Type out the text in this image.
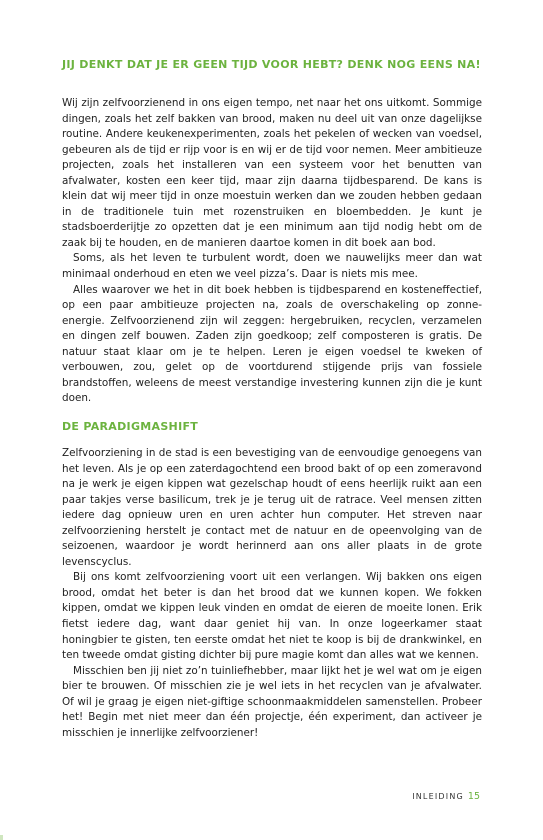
JIJ DENKT DAT JE ER GEEN TIJD VOOR HEBT? DENK NOG EENS NA!

Wij zijn zelfvoorzienend in ons eigen tempo, net naar het ons uitkomt. Sommige dingen, zoals het zelf bakken van brood, maken nu deel uit van onze dagelijkse routine. Andere keukenexperimenten, zoals het pekelen of wecken van voedsel, gebeuren als de tijd er rijp voor is en wij er de tijd voor nemen. Meer ambitieuze projecten, zoals het installeren van een systeem voor het benutten van afvalwater, kosten een keer tijd, maar zijn daarna tijdbesparend. De kans is klein dat wij meer tijd in onze moestuin werken dan we zouden hebben gedaan in de traditionele tuin met rozenstruiken en bloembedden. Je kunt je stadsboerderijtje zo opzetten dat je een minimum aan tijd nodig hebt om de zaak bij te houden, en de manieren daartoe komen in dit boek aan bod.

Soms, als het leven te turbulent wordt, doen we nauwelijks meer dan wat minimaal onderhoud en eten we veel pizza’s. Daar is niets mis mee.

Alles waarover we het in dit boek hebben is tijdbesparend en kosteneffectief, op een paar ambitieuze projecten na, zoals de overschakeling op zonne-energie. Zelfvoorzienend zijn wil zeggen: hergebruiken, recyclen, verzamelen en dingen zelf bouwen. Zaden zijn goedkoop; zelf composteren is gratis. De natuur staat klaar om je te helpen. Leren je eigen voedsel te kweken of verbouwen, zou, gelet op de voortdurend stijgende prijs van fossiele brandstoffen, weleens de meest verstandige investering kunnen zijn die je kunt doen.

DE PARADIGMASHIFT

Zelfvoorziening in de stad is een bevestiging van de eenvoudige genoegens van het leven. Als je op een zaterdagochtend een brood bakt of op een zomeravond na je werk je eigen kippen wat gezelschap houdt of eens heerlijk ruikt aan een paar takjes verse basilicum, trek je je terug uit de ratrace. Veel mensen zitten iedere dag opnieuw uren en uren achter hun computer. Het streven naar zelfvoorziening herstelt je contact met de natuur en de opeenvolging van de seizoenen, waardoor je wordt herinnerd aan ons aller plaats in de grote levenscyclus.

Bij ons komt zelfvoorziening voort uit een verlangen. Wij bakken ons eigen brood, omdat het beter is dan het brood dat we kunnen kopen. We fokken kippen, omdat we kippen leuk vinden en omdat de eieren de moeite lonen. Erik fietst iedere dag, want daar geniet hij van. In onze logeerkamer staat honingbier te gisten, ten eerste omdat het niet te koop is bij de drankwinkel, en ten tweede omdat gisting dichter bij pure magie komt dan alles wat we kennen.

Misschien ben jij niet zo’n tuinliefhebber, maar lijkt het je wel wat om je eigen bier te brouwen. Of misschien zie je wel iets in het recyclen van je afvalwater. Of wil je graag je eigen niet-giftige schoonmaakmiddelen samenstellen. Probeer het! Begin met niet meer dan één projectje, één experiment, dan activeer je misschien je innerlijke zelfvoorziener!

INLEIDING 15
